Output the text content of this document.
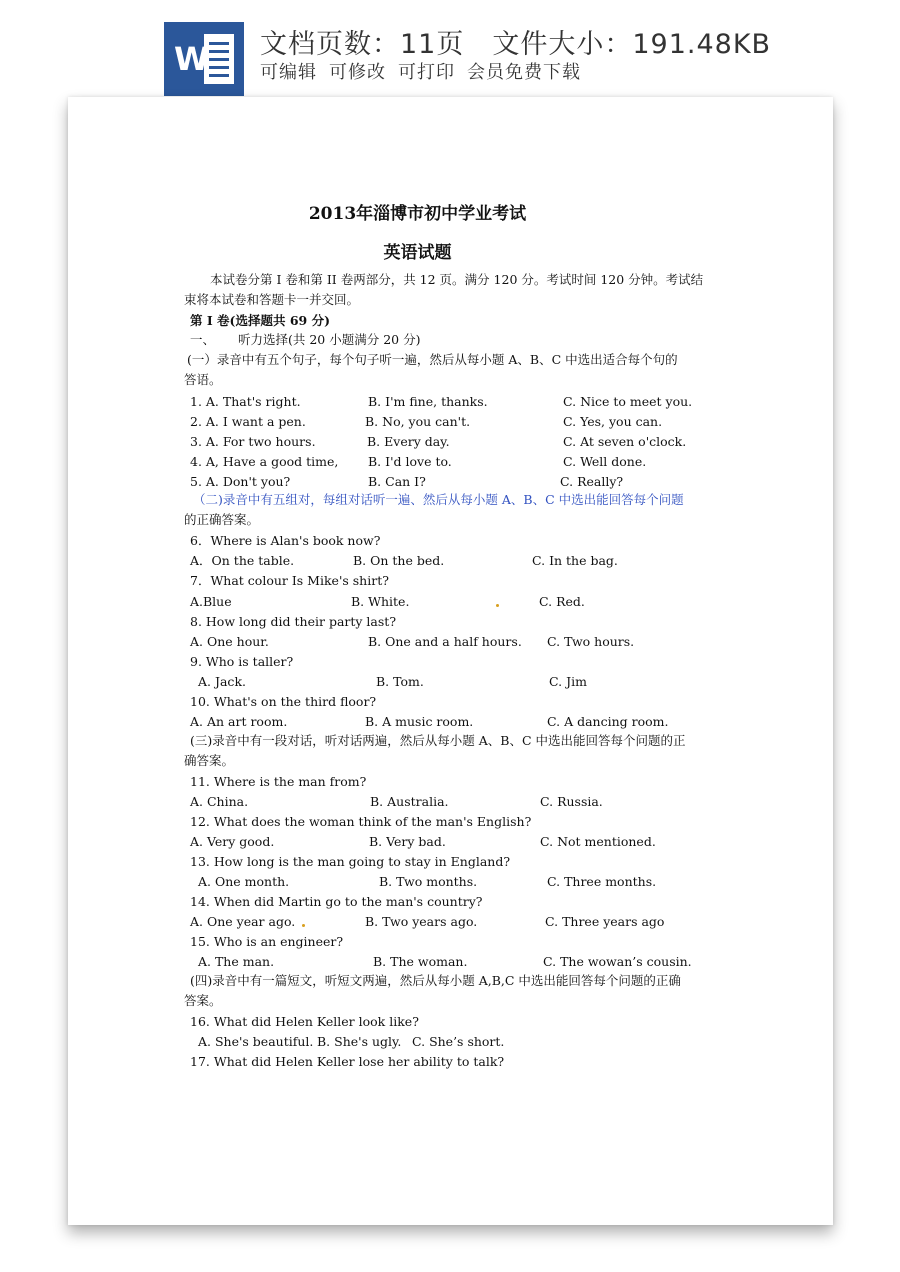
W 文档页数：11页 文件大小：191.48KB
可编辑 可修改 可打印 会员免费下载
2013年淄博市初中学业考试
英语试题
本试卷分第 I 卷和第 II 卷两部分，共 12 页。满分 120 分。考试时间 120 分钟。考试结
束将本试卷和答题卡一并交回。
第 I 卷(选择题共 69 分)
一、 听力选择(共 20 小题满分 20 分)
(一）录音中有五个句子，每个句子听一遍，然后从每小题 A、B、C 中选出适合每个句的
答语。
1. A. That's right.	B. I'm fine, thanks.	C. Nice to meet you.
2. A. I want a pen.	B. No, you can't.	C. Yes, you can.
3. A. For two hours.	B. Every day.	C. At seven o'clock.
4. A, Have a good time, B. I'd love to.	C. Well done.
5. A. Don't you?	B. Can I?	C. Really?
（二)录音中有五组对，每组对话听一遍、然后从每小题 A、B、C 中选出能回答每个问题
的正确答案。
6．Where is Alan's book now?
A．On the table.	B. On the bed.	C. In the bag.
7．What colour Is Mike's shirt?
A.Blue	B. White.	C. Red.
8. How long did their party last?
A. One hour.	B. One and a half hours. C. Two hours.
9. Who is taller?
A. Jack.	B. Tom.	C. Jim
10. What's on the third floor?
A. An art room.	B. A music room.	C. A dancing room.
(三)录音中有一段对话，听对话两遍，然后从每小题 A、B、C 中选出能回答每个问题的正
确答案。
11. Where is the man from?
A. China.	B. Australia.	C. Russia.
12. What does the woman think of the man's English?
A. Very good.	B. Very bad.	C. Not mentioned.
13. How long is the man going to stay in England?
A. One month.	B. Two months.	C. Three months.
14. When did Martin go to the man's country?
A. One year ago.	B. Two years ago.	C. Three years ago
15. Who is an engineer?
A. The man.	B. The woman.	C. The wowan’s cousin.
(四)录音中有一篇短文，听短文两遍，然后从每小题 A,B,C 中选出能回答每个问题的正确
答案。
16. What did Helen Keller look like?
A. She's beautiful. B. She's ugly. C. She’s short.
17. What did Helen Keller lose her ability to talk?
